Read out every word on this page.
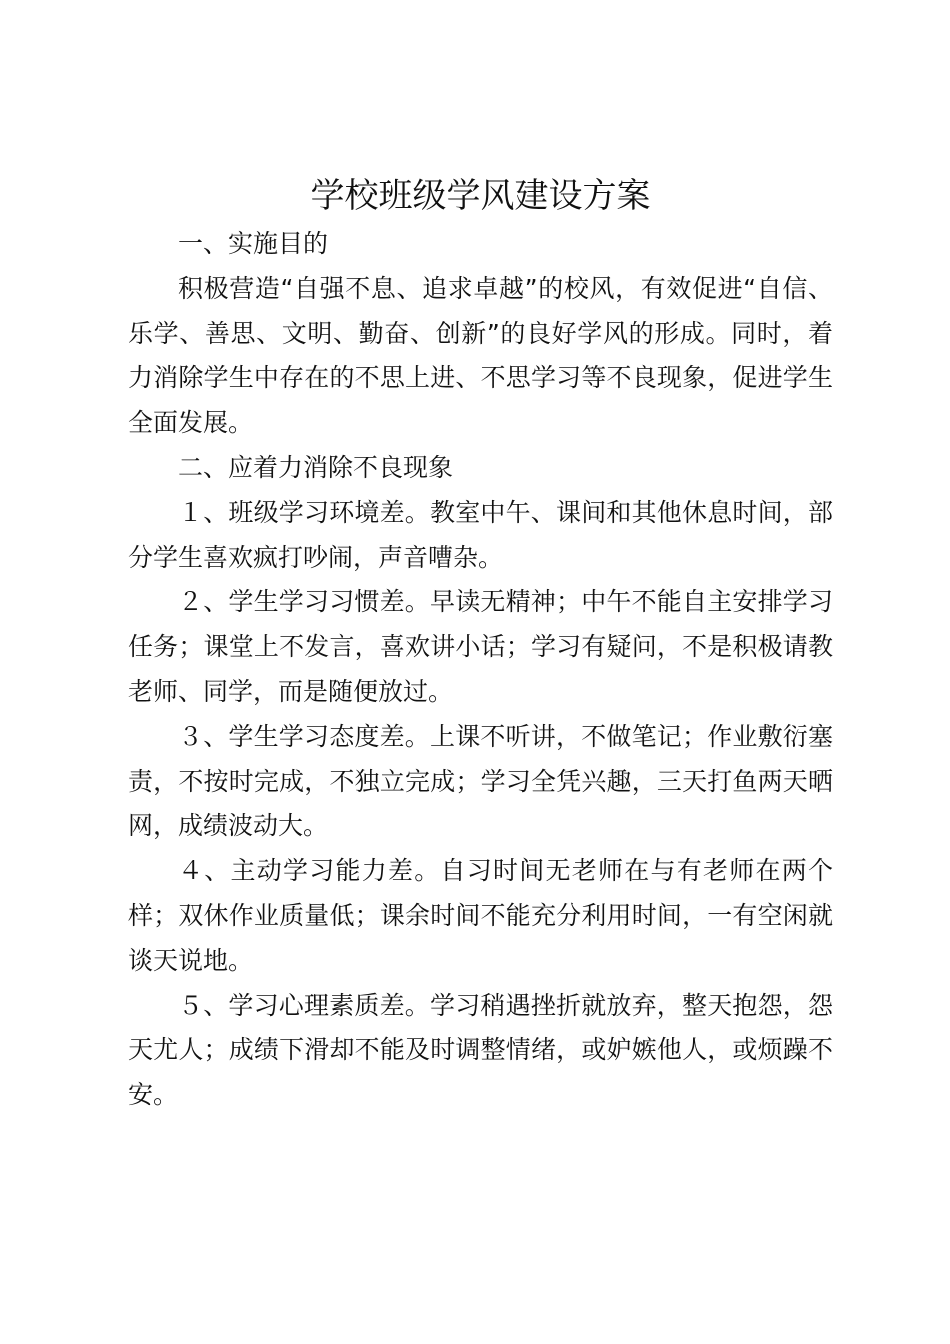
学校班级学风建设方案

一、实施目的

积极营造“自强不息、追求卓越”的校风，有效促进“自信、乐学、善思、文明、勤奋、创新”的良好学风的形成。同时，着力消除学生中存在的不思上进、不思学习等不良现象，促进学生全面发展。

二、应着力消除不良现象

１、班级学习环境差。教室中午、课间和其他休息时间，部分学生喜欢疯打吵闹，声音嘈杂。

２、学生学习习惯差。早读无精神；中午不能自主安排学习任务；课堂上不发言，喜欢讲小话；学习有疑问，不是积极请教老师、同学，而是随便放过。

３、学生学习态度差。上课不听讲，不做笔记；作业敷衍塞责，不按时完成，不独立完成；学习全凭兴趣，三天打鱼两天晒网，成绩波动大。

４、主动学习能力差。自习时间无老师在与有老师在两个样；双休作业质量低；课余时间不能充分利用时间，一有空闲就谈天说地。

５、学习心理素质差。学习稍遇挫折就放弃，整天抱怨，怨天尤人；成绩下滑却不能及时调整情绪，或妒嫉他人，或烦躁不安。
